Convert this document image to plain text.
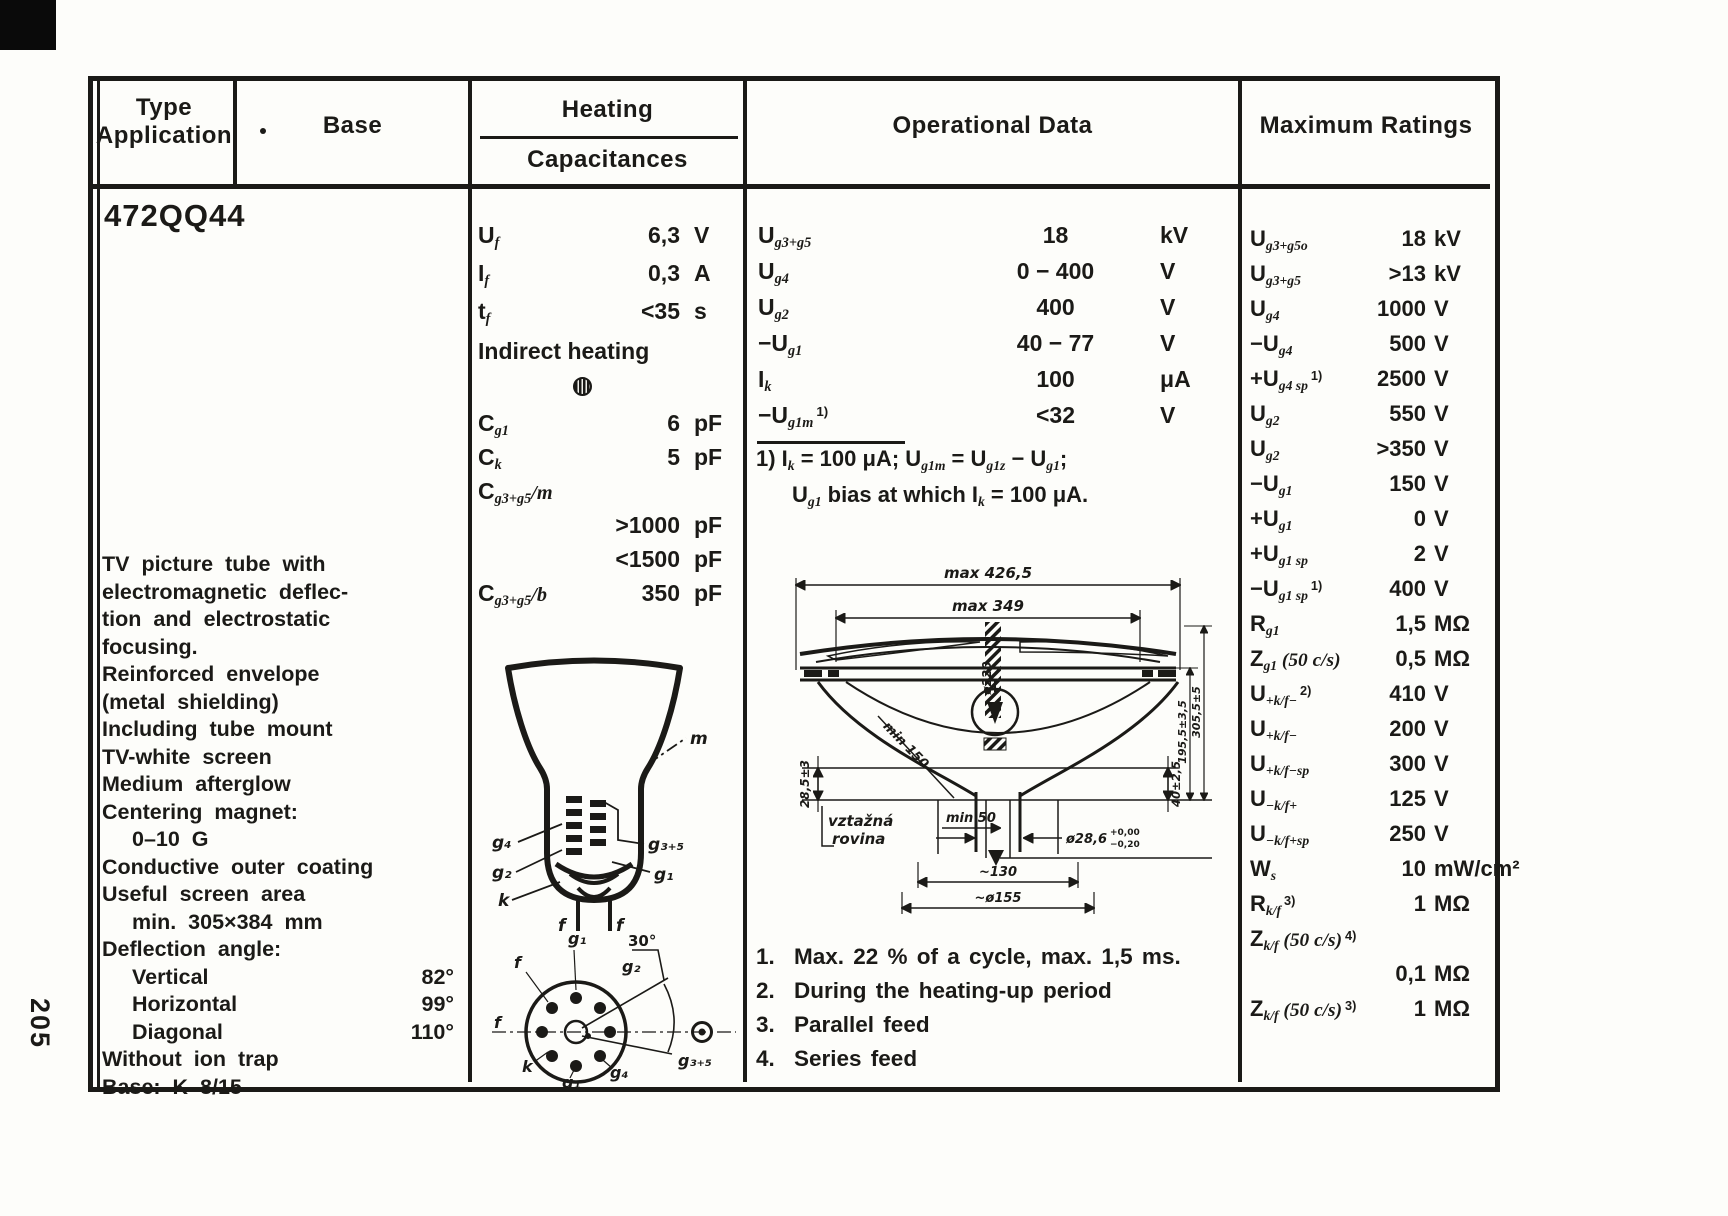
Type
Application	Base
Heating
Capacitances
Operational Data	Maximum Ratings
472QQ44
TV picture tube with
electromagnetic deflec-
tion and electrostatic
focusing.
Reinforced envelope
(metal shielding)
Including tube mount
TV-white screen
Medium afterglow
Centering magnet:
0–10 G
Conductive outer coating
Useful screen area
min. 305×384 mm
Deflection angle:
Vertical	82°
Horizontal	99°
Diagonal	110°
Without ion trap
Base: K 8/15
205
$U_f$	6,3 V
$I_f$	0,3 A
$t_f$	<35 s
Indirect heating
$C_{g1}$	6 pF
$C_k$	5 pF
$C_{g3+g5}/m$
>1000 pF
<1500 pF
$C_{g3+g5}/b$	350 pF
m
g₄
g₂
k
g₃₊₅
g₁
f	f
30°
g₁
f
f
k
g₁
g₄
g₂
g₃₊₅
$U_{g3+g5}$	18	kV
$U_{g4}$	0 − 400	V
$U_{g2}$	400	V
$-U_{g1}$	40 − 77	V
$I_k$	100	μA
$-U_{g1m}^{1)}$	<32	V
1) $I_k = 100$ μA; $U_{g1m} = U_{g1z} - U_{g1}$;
$U_{g1}$ bias at which $I_k = 100$ μA.
max 426,5
max 349
ø220
28,5±3
vztažná
rovina
min 150
min 50
ø28,6 +0,00
−0,20
40±2,5
195,5±3,5 305,5±5
~130
~ø155
1. Max. 22 % of a cycle, max. 1,5 ms.
2. During the heating-up period
3. Parallel feed
4. Series feed
$U_{g3+g5o}$	18 kV
$U_{g3+g5}$	>13 kV
$U_{g4}$	1000 V
$-U_{g4}$	500 V
$+U_{g4 sp}^{1)}$	2500 V
$U_{g2}$	550 V
$U_{g2}$	>350 V
$-U_{g1}$	150 V
$+U_{g1}$	0 V
$+U_{g1 sp}$	2 V
$-U_{g1 sp}^{1)}$	400 V
$R_{g1}$	1,5 MΩ
$Z_{g1}$ (50 c/s)	0,5 MΩ
$U_{+k/f-}^{2)}$	410 V
$U_{+k/f-}$	200 V
$U_{+k/f-sp}$	300 V
$U_{-k/f+}$	125 V
$U_{-k/f+sp}$	250 V
$W_s$	10 mW/cm²
$R_{k/f}^{3)}$	1 MΩ
$Z_{k/f}$ (50 c/s) $^{4)}$
0,1 MΩ
$Z_{k/f}$ (50 c/s) $^{3)}$	1 MΩ
